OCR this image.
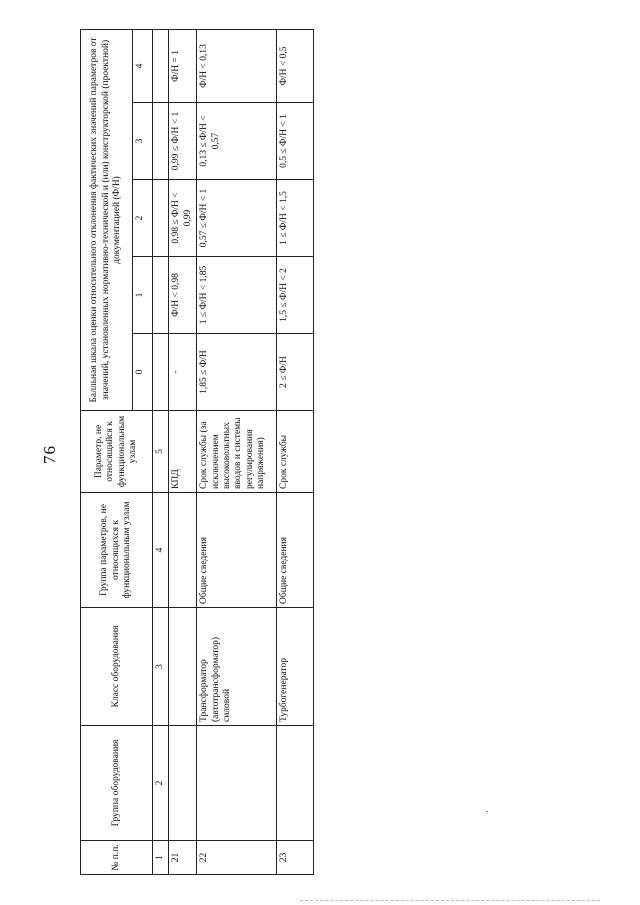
76
№ п.п.	Группа оборудования	Класс оборудования	Группа параметров, не относящихся к функциональным узлам	Параметр, не относящийся к функциональным узлам	Балльная шкала оценки относительного отклонения фактических значений параметров от значений, установленных нормативно-технической и (или) конструкторской (проектной) документацией (Ф/Н)				
					0	1	2	3	4
1	2	3	4	5					
21				КПД	-	Ф/Н < 0,98	0,98 ≤ Ф/Н < 0,99	0,99 ≤ Ф/Н < 1	Ф/Н = 1
22		Трансформатор (автотрансформатор) силовой	Общие сведения	Срок службы (за исключением высоковольтных вводов и системы регулирования напряжения)	1,85 ≤ Ф/Н	1 ≤ Ф/Н < 1,85	0,57 ≤ Ф/Н < 1	0,13 ≤ Ф/Н < 0,57	Ф/Н < 0,13
23		Турбогенератор	Общие сведения	Срок службы	2 ≤ Ф/Н	1,5 ≤ Ф/Н < 2	1 ≤ Ф/Н < 1,5	0,5 ≤ Ф/Н < 1	Ф/Н < 0,5
